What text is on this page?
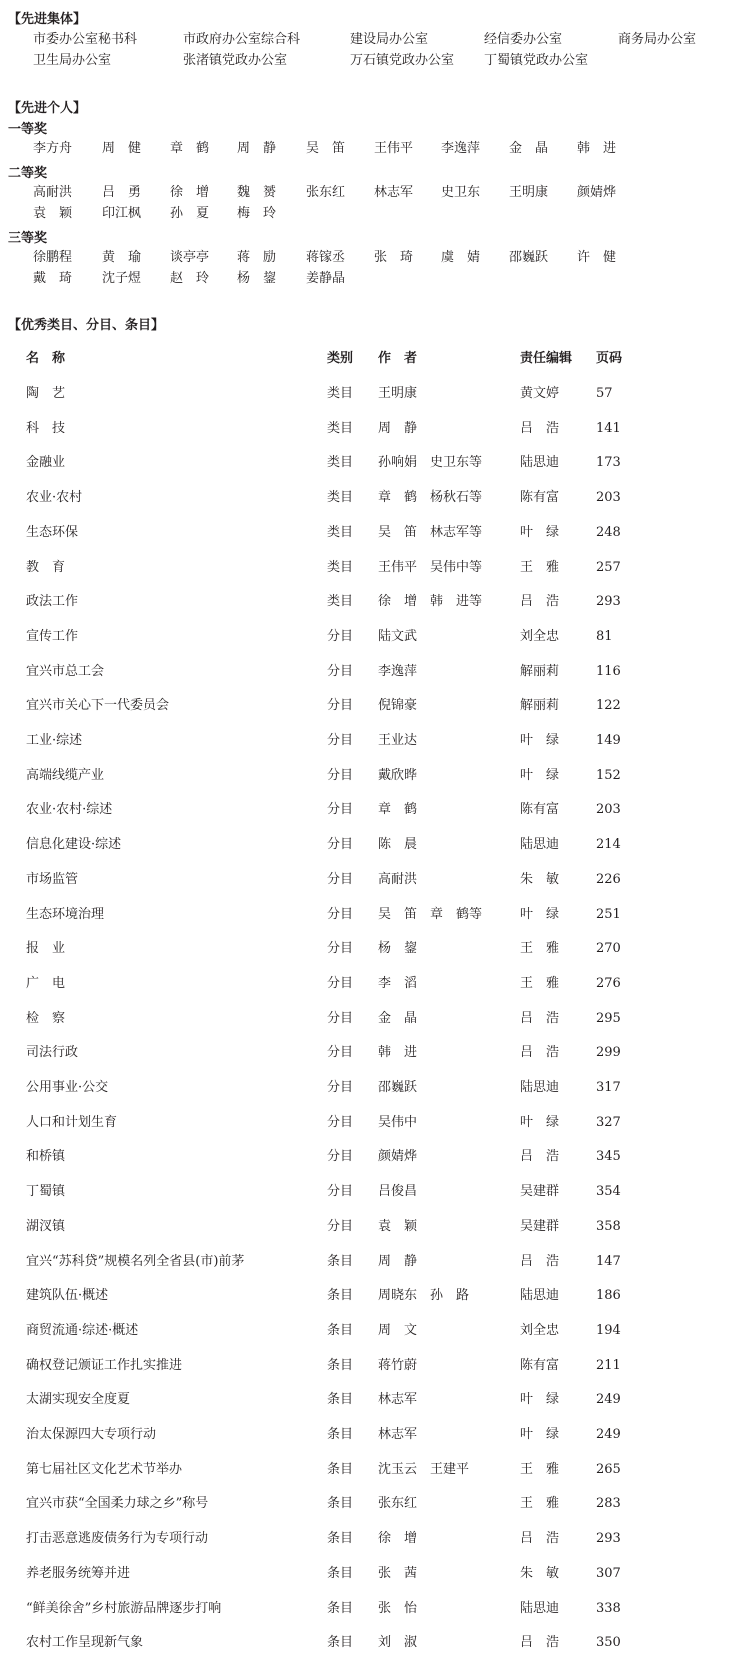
【先进集体】
市委办公室秘书科	市政府办公室综合科	建设局办公室	经信委办公室	商务局办公室
卫生局办公室	张渚镇党政办公室	万石镇党政办公室 丁蜀镇党政办公室
【先进个人】
一等奖
李方舟 周　健 章　鹤 周　静 吴　笛 王伟平 李逸萍 金　晶 韩　进
二等奖
高耐洪 吕　勇 徐　增 魏　赟 张东红 林志军 史卫东 王明康 颜婧烨
袁　颖 印江枫 孙　夏 梅　玲
三等奖
徐鹏程 黄　瑜 谈亭亭 蒋　励 蒋镓丞 张　琦 虞　婧 邵巍跃 许　健
戴　琦 沈子煜 赵　玲 杨　鋆 姜静晶
【优秀类目、分目、条目】
名　称	类别 作　者	责任编辑 页码
陶　艺	类目 王明康	黄文婷	57
科　技	类目 周　静	吕　浩	141
金融业	类目 孙响娟　史卫东等	陆思迪	173
农业·农村	类目 章　鹤　杨秋石等	陈有富	203
生态环保	类目 吴　笛　林志军等	叶　绿	248
教　育	类目 王伟平　吴伟中等	王　雅	257
政法工作	类目 徐　增　韩　进等	吕　浩	293
宣传工作	分目 陆文武	刘全忠	81
宜兴市总工会	分目 李逸萍	解丽莉	116
宜兴市关心下一代委员会	分目 倪锦豪	解丽莉	122
工业·综述	分目 王业达	叶　绿	149
高端线缆产业	分目 戴欣晔	叶　绿	152
农业·农村·综述	分目 章　鹤	陈有富	203
信息化建设·综述	分目 陈　晨	陆思迪	214
市场监管	分目 高耐洪	朱　敏	226
生态环境治理	分目 吴　笛　章　鹤等	叶　绿	251
报　业	分目 杨　鋆	王　雅	270
广　电	分目 李　滔	王　雅	276
检　察	分目 金　晶	吕　浩	295
司法行政	分目 韩　进	吕　浩	299
公用事业·公交	分目 邵巍跃	陆思迪	317
人口和计划生育	分目 吴伟中	叶　绿	327
和桥镇	分目 颜婧烨	吕　浩	345
丁蜀镇	分目 吕俊昌	吴建群	354
湖汊镇	分目 袁　颖	吴建群	358
宜兴“苏科贷”规模名列全省县(市)前茅	条目 周　静	吕　浩	147
建筑队伍·概述	条目 周晓东　孙　路	陆思迪	186
商贸流通·综述·概述	条目 周　文	刘全忠	194
确权登记颁证工作扎实推进	条目 蒋竹蔚	陈有富	211
太湖实现安全度夏	条目 林志军	叶　绿	249
治太保源四大专项行动	条目 林志军	叶　绿	249
第七届社区文化艺术节举办	条目 沈玉云　王建平	王　雅	265
宜兴市获“全国柔力球之乡”称号	条目 张东红	王　雅	283
打击恶意逃废债务行为专项行动	条目 徐　增	吕　浩	293
养老服务统筹并进	条目 张　茜	朱　敏	307
“鲜美徐舍”乡村旅游品牌逐步打响	条目 张　怡	陆思迪	338
农村工作呈现新气象	条目 刘　淑	吕　浩	350
